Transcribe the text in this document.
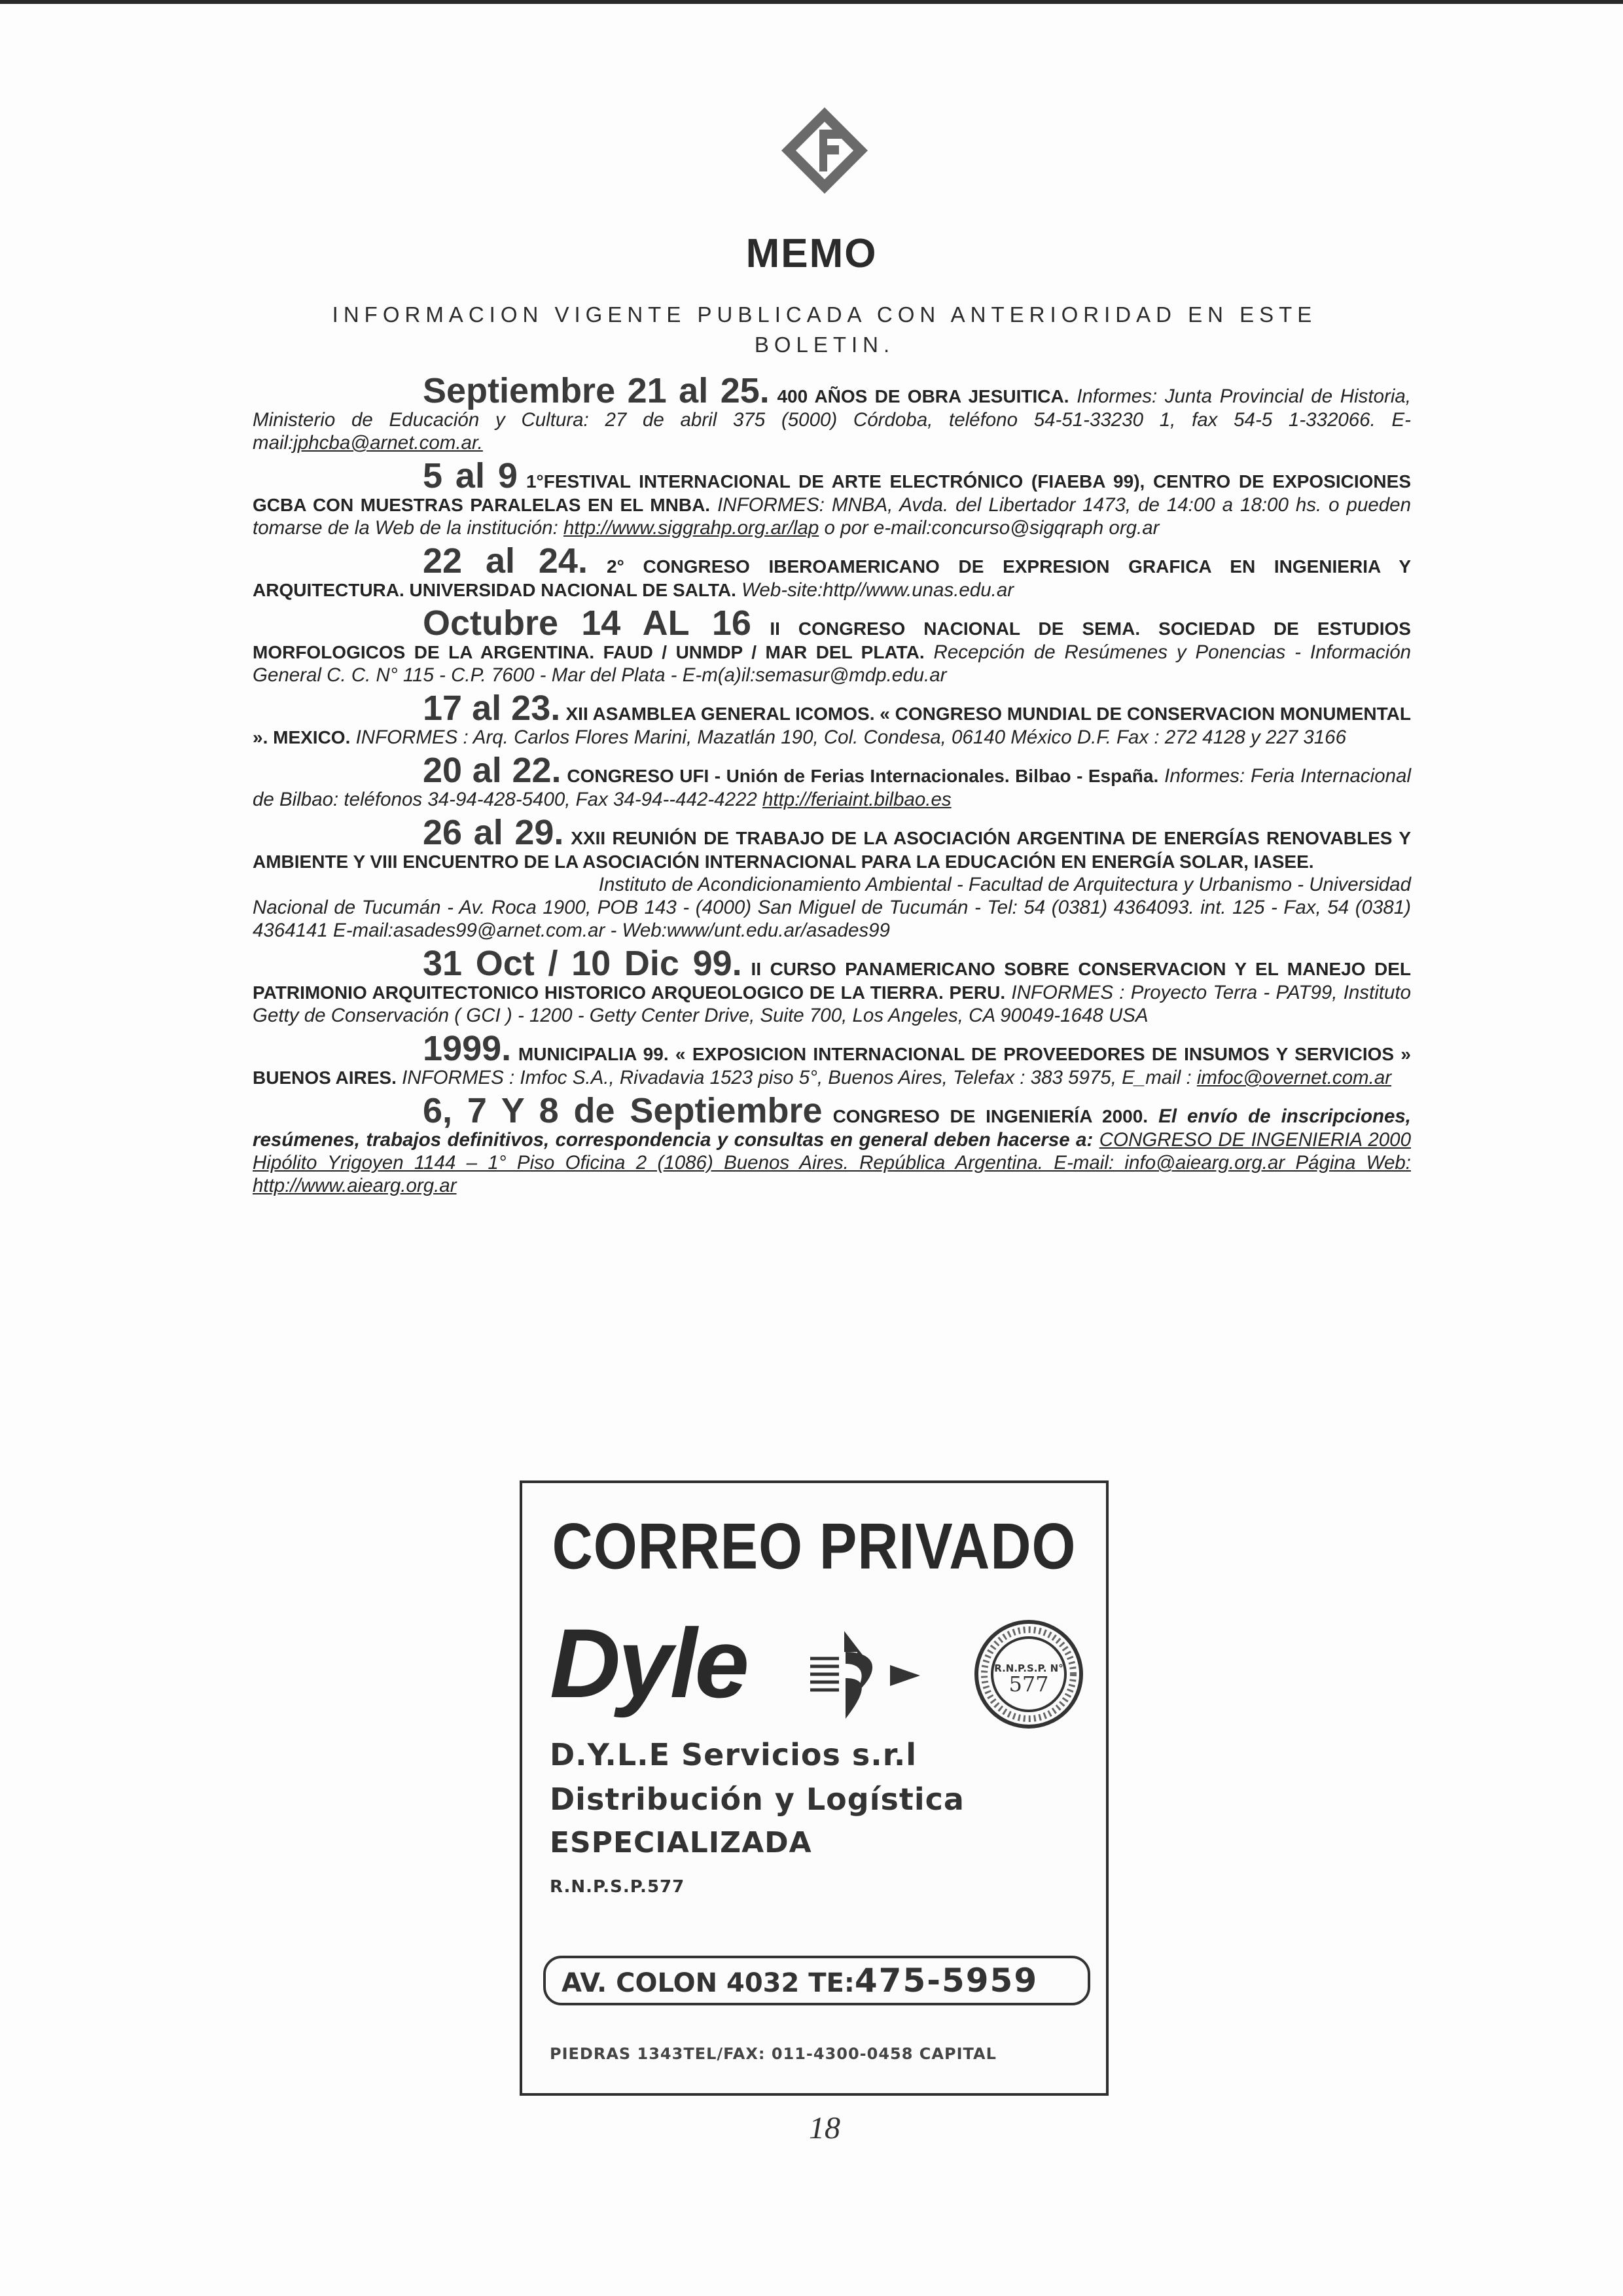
MEMO
INFORMACION VIGENTE PUBLICADA CON ANTERIORIDAD EN ESTE BOLETIN.
Septiembre 21 al 25. 400 AÑOS DE OBRA JESUITICA. Informes: Junta Provincial de Historia, Ministerio de Educación y Cultura: 27 de abril 375 (5000) Córdoba, teléfono 54-51-33230 1, fax 54-5 1-332066. E-mail:jphcba@arnet.com.ar.
5 al 9 1°FESTIVAL INTERNACIONAL DE ARTE ELECTRÓNICO (FIAEBA 99), CENTRO DE EXPOSICIONES GCBA CON MUESTRAS PARALELAS EN EL MNBA. INFORMES: MNBA, Avda. del Libertador 1473, de 14:00 a 18:00 hs. o pueden tomarse de la Web de la institución: http://www.siggrahp.org.ar/lap o por e-mail:concurso@sigqraph org.ar
22 al 24. 2° CONGRESO IBEROAMERICANO DE EXPRESION GRAFICA EN INGENIERIA Y ARQUITECTURA. UNIVERSIDAD NACIONAL DE SALTA. Web-site:http//www.unas.edu.ar
Octubre 14 AL 16 II CONGRESO NACIONAL DE SEMA. SOCIEDAD DE ESTUDIOS MORFOLOGICOS DE LA ARGENTINA. FAUD / UNMDP / MAR DEL PLATA. Recepción de Resúmenes y Ponencias - Información General C. C. N° 115 - C.P. 7600 - Mar del Plata - E-m(a)il:semasur@mdp.edu.ar
17 al 23. XII ASAMBLEA GENERAL ICOMOS. « CONGRESO MUNDIAL DE CONSERVACION MONUMENTAL ». MEXICO. INFORMES : Arq. Carlos Flores Marini, Mazatlán 190, Col. Condesa, 06140 México D.F. Fax : 272 4128 y 227 3166
20 al 22. CONGRESO UFI - Unión de Ferias Internacionales. Bilbao - España. Informes: Feria Internacional de Bilbao: teléfonos 34-94-428-5400, Fax 34-94--442-4222 http://feriaint.bilbao.es
26 al 29. XXII REUNIÓN DE TRABAJO DE LA ASOCIACIÓN ARGENTINA DE ENERGÍAS RENOVABLES Y AMBIENTE Y VIII ENCUENTRO DE LA ASOCIACIÓN INTERNACIONAL PARA LA EDUCACIÓN EN ENERGÍA SOLAR, IASEE.
Instituto de Acondicionamiento Ambiental - Facultad de Arquitectura y Urbanismo - Universidad
Nacional de Tucumán - Av. Roca 1900, POB 143 - (4000) San Miguel de Tucumán - Tel: 54 (0381) 4364093. int. 125 - Fax, 54 (0381) 4364141 E-mail:asades99@arnet.com.ar - Web:www/unt.edu.ar/asades99
31 Oct / 10 Dic 99. II CURSO PANAMERICANO SOBRE CONSERVACION Y EL MANEJO DEL PATRIMONIO ARQUITECTONICO HISTORICO ARQUEOLOGICO DE LA TIERRA. PERU. INFORMES : Proyecto Terra - PAT99, Instituto Getty de Conservación ( GCI ) - 1200 - Getty Center Drive, Suite 700, Los Angeles, CA 90049-1648 USA
1999. MUNICIPALIA 99. « EXPOSICION INTERNACIONAL DE PROVEEDORES DE INSUMOS Y SERVICIOS » BUENOS AIRES. INFORMES : Imfoc S.A., Rivadavia 1523 piso 5°, Buenos Aires, Telefax : 383 5975, E_mail : imfoc@overnet.com.ar
6, 7 Y 8 de Septiembre CONGRESO DE INGENIERÍA 2000. El envío de inscripciones, resúmenes, trabajos definitivos, correspondencia y consultas en general deben hacerse a: CONGRESO DE INGENIERIA 2000 Hipólito Yrigoyen 1144 – 1° Piso Oficina 2 (1086) Buenos Aires. República Argentina. E-mail: info@aiearg.org.ar Página Web: http://www.aiearg.org.ar
CORREO PRIVADO
Dyle	R.N.P.S.P. N°
577
D.Y.L.E Servicios s.r.l
Distribución y Logística
ESPECIALIZADA
R.N.P.S.P.577
AV. COLON 4032 TE:475-5959
PIEDRAS 1343TEL/FAX: 011-4300-0458 CAPITAL
18
